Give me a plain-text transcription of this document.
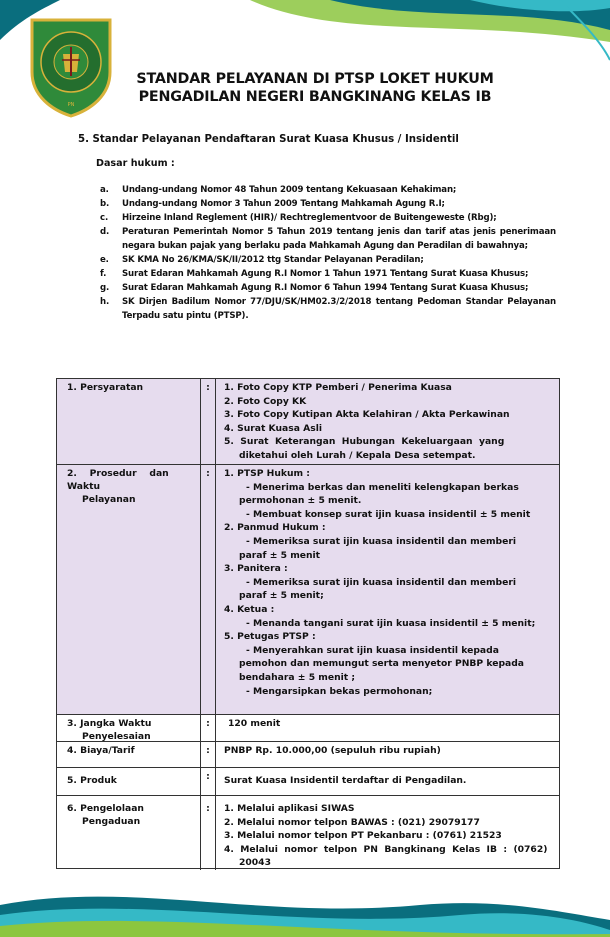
PN
STANDAR PELAYANAN DI PTSP LOKET HUKUM
PENGADILAN NEGERI BANGKINANG KELAS IB
5. Standar Pelayanan Pendaftaran Surat Kuasa Khusus / Insidentil
Dasar hukum :
a.	Undang-undang Nomor 48 Tahun 2009 tentang Kekuasaan Kehakiman;
b.	Undang-undang Nomor 3 Tahun 2009 Tentang Mahkamah Agung R.I;
c.	Hirzeine Inland Reglement (HIR)/ Rechtreglementvoor de Buitengeweste (Rbg);
d.	Peraturan Pemerintah Nomor 5 Tahun 2019 tentang jenis dan tarif atas jenis penerimaan negara bukan pajak yang berlaku pada Mahkamah Agung dan Peradilan di bawahnya;
e.	SK KMA No 26/KMA/SK/II/2012 ttg Standar Pelayanan Peradilan;
f.	Surat Edaran Mahkamah Agung R.I Nomor 1 Tahun 1971 Tentang Surat Kuasa Khusus;
g.	Surat Edaran Mahkamah Agung R.I Nomor 6 Tahun 1994 Tentang Surat Kuasa Khusus;
h.	SK Dirjen Badilum Nomor 77/DJU/SK/HM02.3/2/2018 tentang Pedoman Standar Pelayanan Terpadu satu pintu (PTSP).
1. Persyaratan	:	1. Foto Copy KTP Pemberi / Penerima Kuasa
2. Foto Copy KK
3. Foto Copy Kutipan Akta Kelahiran / Akta Perkawinan
4. Surat Kuasa Asli
5.  Surat  Keterangan  Hubungan  Kekeluargaan  yang
diketahui oleh Lurah / Kepala Desa setempat.
2.    Prosedur    dan
Waktu
Pelayanan
:	1. PTSP Hukum :
- Menerima berkas dan meneliti kelengkapan berkas
permohonan ± 5 menit.
- Membuat konsep surat ijin kuasa insidentil ± 5 menit
2. Panmud Hukum :
- Memeriksa surat ijin kuasa insidentil dan memberi
paraf ± 5 menit
3. Panitera :
- Memeriksa surat ijin kuasa insidentil dan memberi
paraf ± 5 menit;
4. Ketua :
- Menanda tangani surat ijin kuasa insidentil ± 5 menit;
5. Petugas PTSP :
- Menyerahkan surat ijin kuasa insidentil kepada
pemohon dan memungut serta menyetor PNBP kepada
bendahara ± 5 menit ;
- Mengarsipkan bekas permohonan;
3. Jangka Waktu
Penyelesaian
:	120 menit
4. Biaya/Tarif	:	PNBP Rp. 10.000,00 (sepuluh ribu rupiah)
5. Produk	:	Surat Kuasa Insidentil terdaftar di Pengadilan.
6. Pengelolaan
Pengaduan
:	1. Melalui aplikasi SIWAS
2. Melalui nomor telpon BAWAS : (021) 29079177
3. Melalui nomor telpon PT Pekanbaru : (0761) 21523
4.  Melalui  nomor  telpon  PN  Bangkinang  Kelas  IB  :  (0762)
20043
